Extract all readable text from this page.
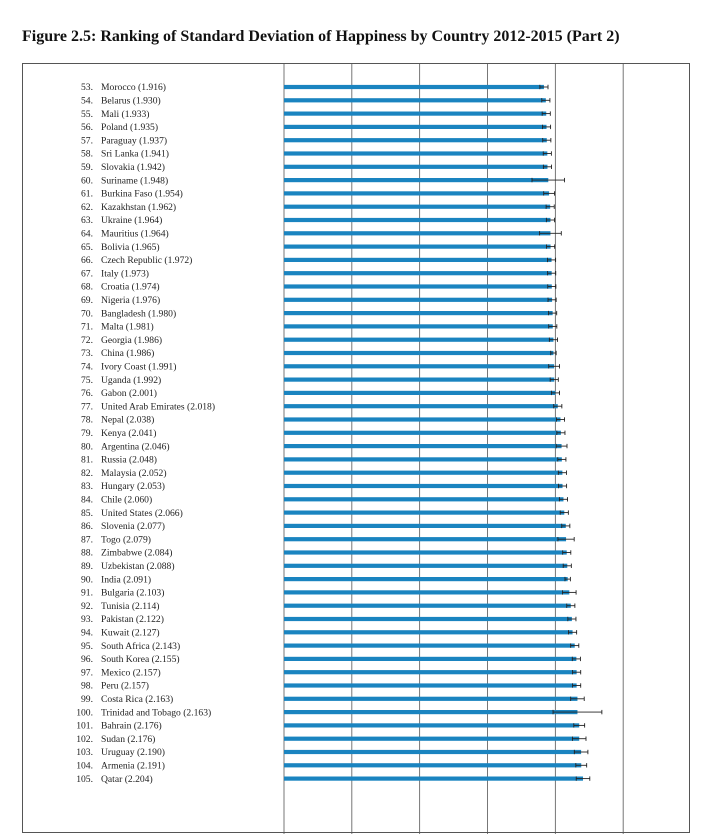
Figure 2.5: Ranking of Standard Deviation of Happiness by Country 2012-2015 (Part 2)
53. Morocco (1.916)
54. Belarus (1.930)
55. Mali (1.933)
56. Poland (1.935)
57. Paraguay (1.937)
58. Sri Lanka (1.941)
59. Slovakia (1.942)
60. Suriname (1.948)
61. Burkina Faso (1.954)
62. Kazakhstan (1.962)
63. Ukraine (1.964)
64. Mauritius (1.964)
65. Bolivia (1.965)
66. Czech Republic (1.972)
67. Italy (1.973)
68. Croatia (1.974)
69. Nigeria (1.976)
70. Bangladesh (1.980)
71. Malta (1.981)
72. Georgia (1.986)
73. China (1.986)
74. Ivory Coast (1.991)
75. Uganda (1.992)
76. Gabon (2.001)
77. United Arab Emirates (2.018)
78. Nepal (2.038)
79. Kenya (2.041)
80. Argentina (2.046)
81. Russia (2.048)
82. Malaysia (2.052)
83. Hungary (2.053)
84. Chile (2.060)
85. United States (2.066)
86. Slovenia (2.077)
87. Togo (2.079)
88. Zimbabwe (2.084)
89. Uzbekistan (2.088)
90. India (2.091)
91. Bulgaria (2.103)
92. Tunisia (2.114)
93. Pakistan (2.122)
94. Kuwait (2.127)
95. South Africa (2.143)
96. South Korea (2.155)
97. Mexico (2.157)
98. Peru (2.157)
99. Costa Rica (2.163)
100. Trinidad and Tobago (2.163)
101. Bahrain (2.176)
102. Sudan (2.176)
103. Uruguay (2.190)
104. Armenia (2.191)
105. Qatar (2.204)
